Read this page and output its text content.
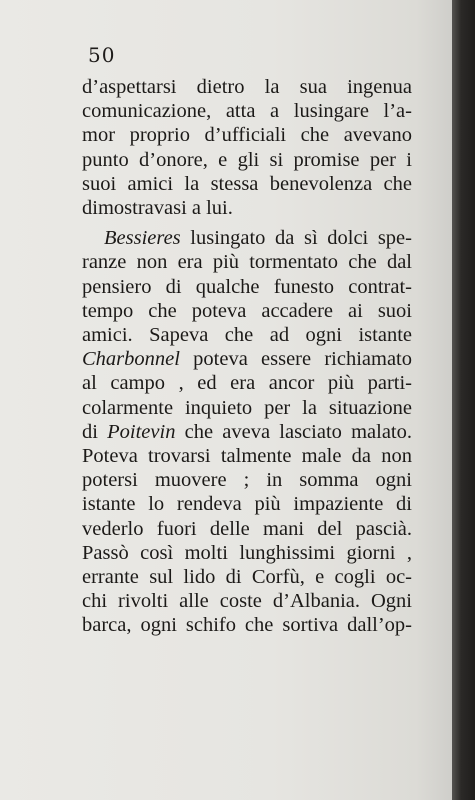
50
d’aspettarsi dietro la sua ingenua
comunicazione, atta a lusingare l’a-
mor proprio d’ufficiali che avevano
punto d’onore, e gli si promise per i
suoi amici la stessa benevolenza che
dimostravasi a lui.
Bessieres lusingato da sì dolci spe-
ranze non era più tormentato che dal
pensiero di qualche funesto contrat-
tempo che poteva accadere ai suoi
amici. Sapeva che ad ogni istante
Charbonnel poteva essere richiamato
al campo , ed era ancor più parti-
colarmente inquieto per la situazione
di Poitevin che aveva lasciato malato.
Poteva trovarsi talmente male da non
potersi muovere ; in somma ogni
istante lo rendeva più impaziente di
vederlo fuori delle mani del pascià.
Passò così molti lunghissimi giorni ,
errante sul lido di Corfù, e cogli oc-
chi rivolti alle coste d’Albania. Ogni
barca, ogni schifo che sortiva dall’op-
